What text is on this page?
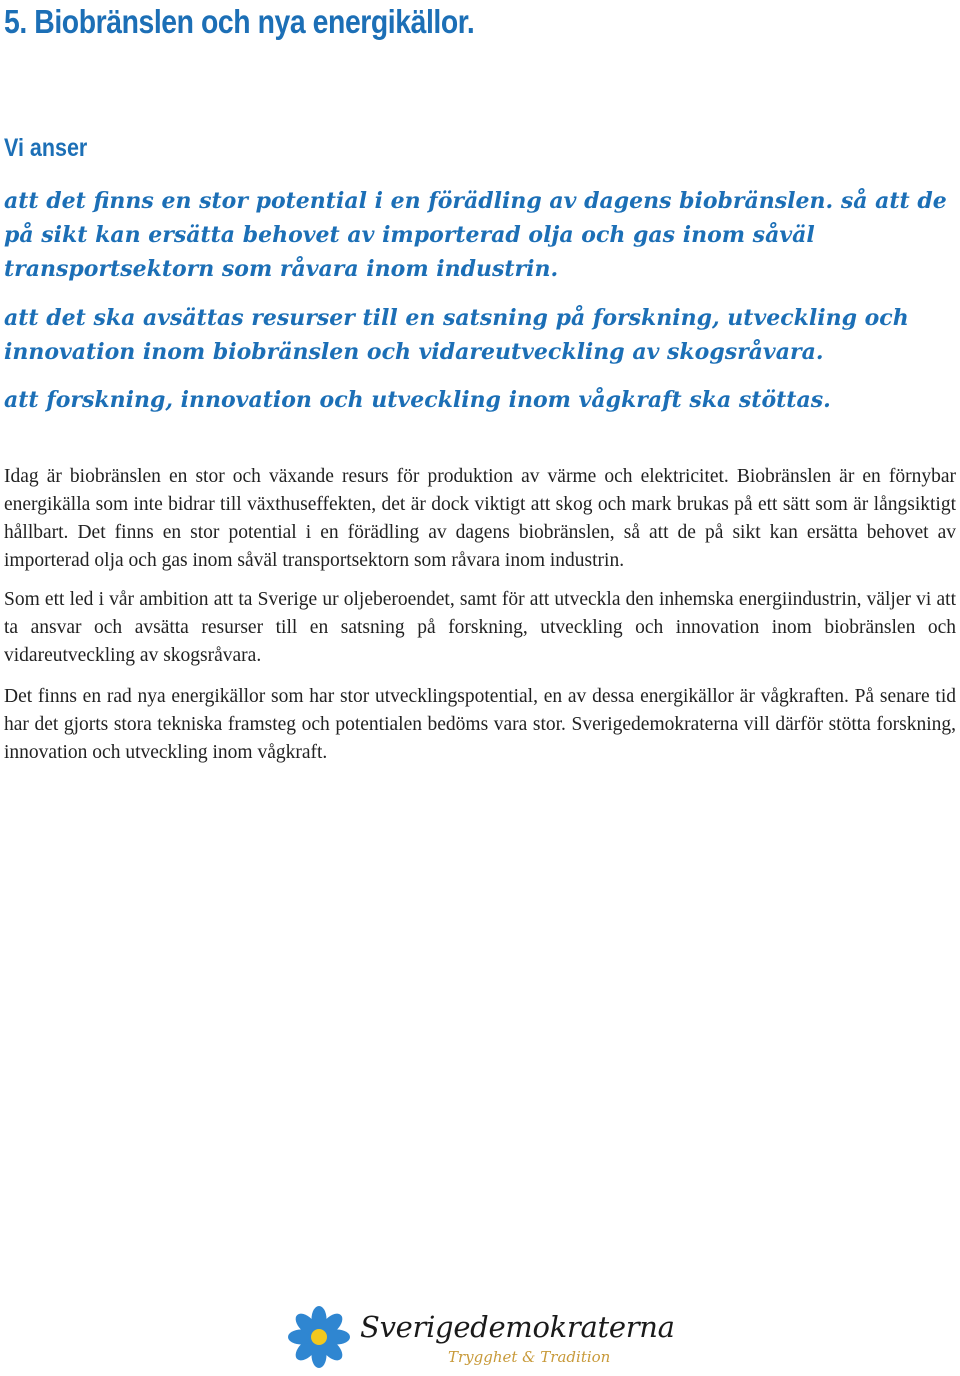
5. Biobränslen och nya energikällor.
Vi anser

att det finns en stor potential i en förädling av dagens biobränslen. så att de på sikt kan ersätta behovet av importerad olja och gas inom såväl transportsektorn som råvara inom industrin.

att det ska avsättas resurser till en satsning på forskning, utveckling och innovation inom biobränslen och vidareutveckling av skogsråvara.

att forskning, innovation och utveckling inom vågkraft ska stöttas.

Idag är biobränslen en stor och växande resurs för produktion av värme och elektricitet. Biobränslen är en förnybar energikälla som inte bidrar till växthuseffekten, det är dock viktigt att skog och mark brukas på ett sätt som är långsiktigt hållbart. Det finns en stor potential i en förädling av dagens biobränslen, så att de på sikt kan ersätta behovet av importerad olja och gas inom såväl transportsektorn som råvara inom industrin.

Som ett led i vår ambition att ta Sverige ur oljeberoendet, samt för att utveckla den inhemska energiindustrin, väljer vi att ta ansvar och avsätta resurser till en satsning på forskning, utveckling och innovation inom biobränslen och vidareutveckling av skogsråvara.

Det finns en rad nya energikällor som har stor utvecklingspotential, en av dessa energikällor är vågkraften. På senare tid har det gjorts stora tekniska framsteg och potentialen bedöms vara stor. Sverigedemokraterna vill därför stötta forskning, innovation och utveckling inom vågkraft.

Sverigedemokraterna

Trygghet & Tradition
